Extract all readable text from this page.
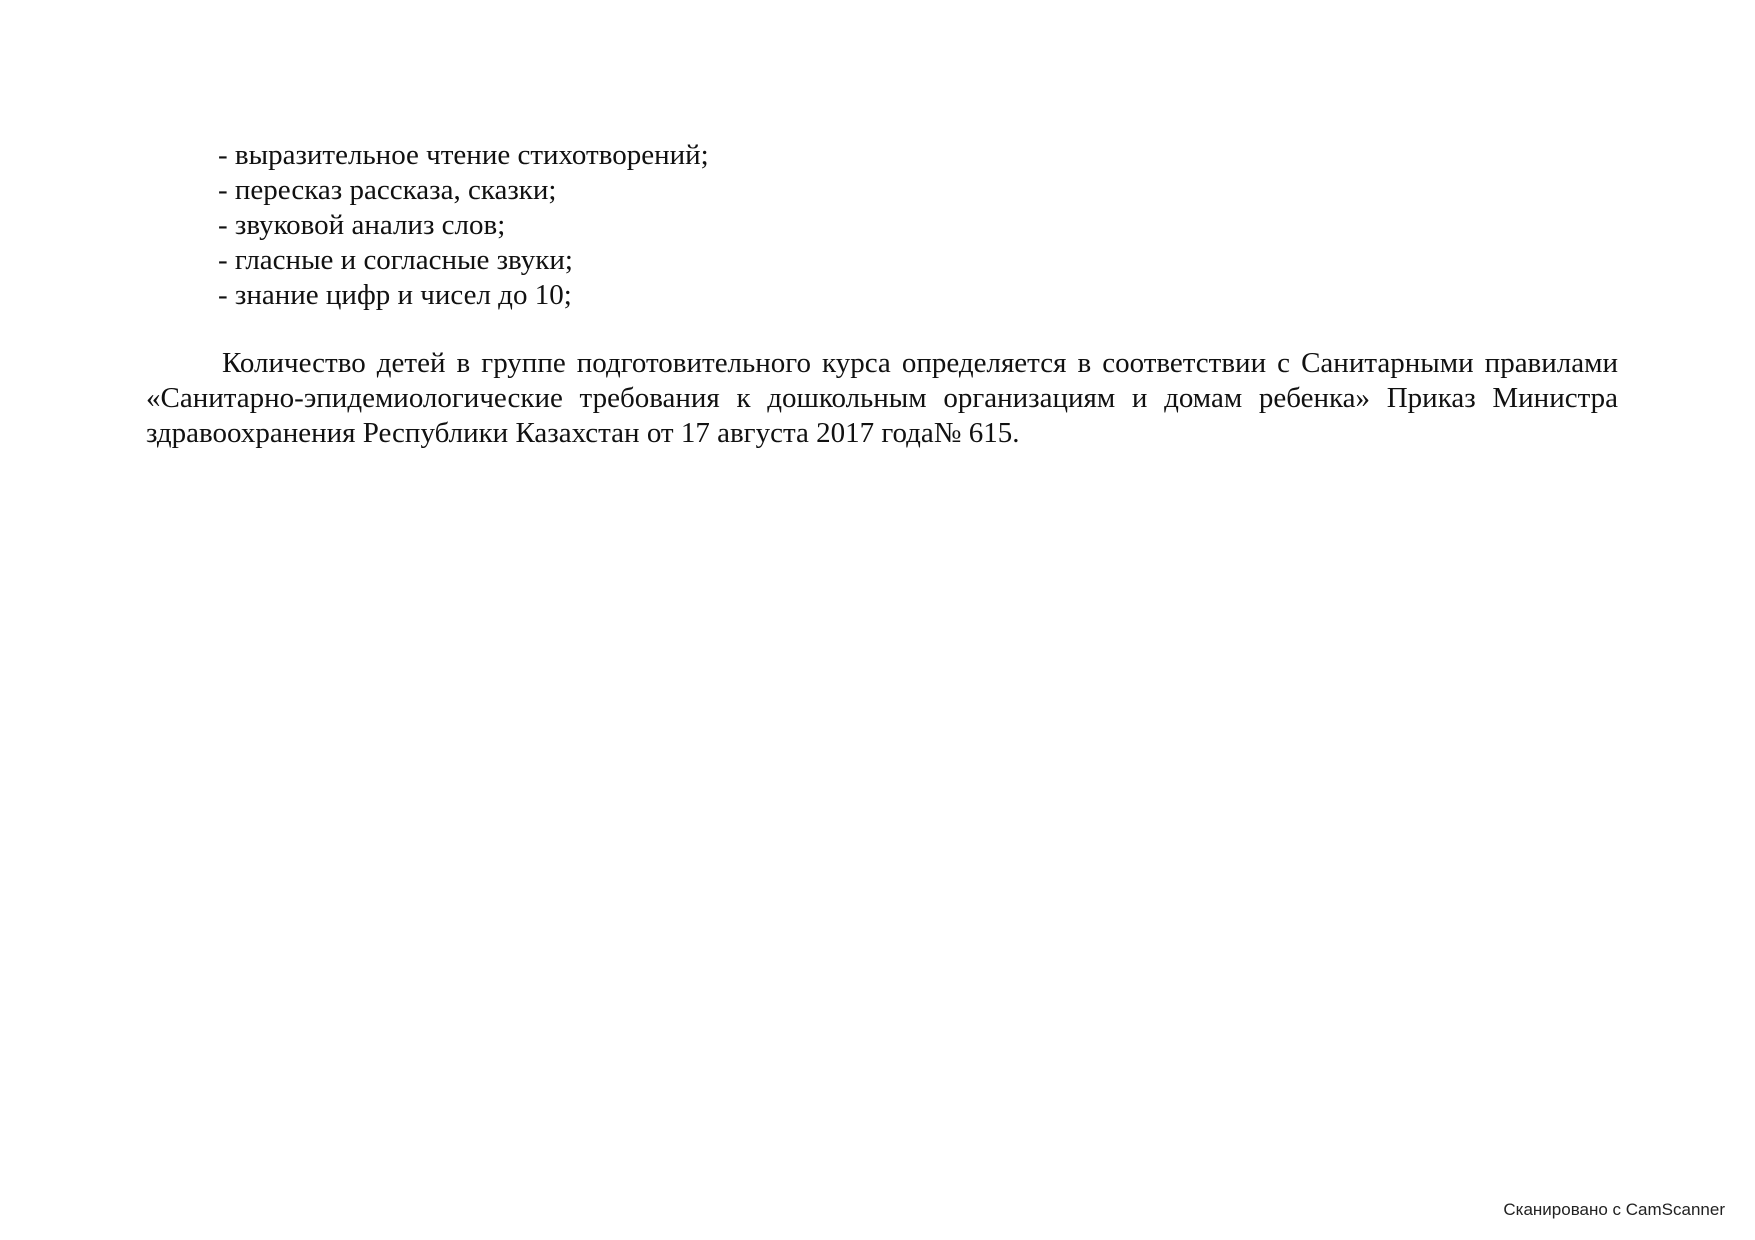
- выразительное чтение стихотворений;
- пересказ рассказа, сказки;
- звуковой анализ слов;
- гласные и согласные звуки;
- знание цифр и чисел до 10;

Количество детей в группе подготовительного курса определяется в соответствии с Санитарными правилами «Санитарно-эпидемиологические требования к дошкольным организациям и домам ребенка» Приказ Министра здравоохранения Республики Казахстан от 17 августа 2017 года№ 615.

Сканировано с CamScanner
